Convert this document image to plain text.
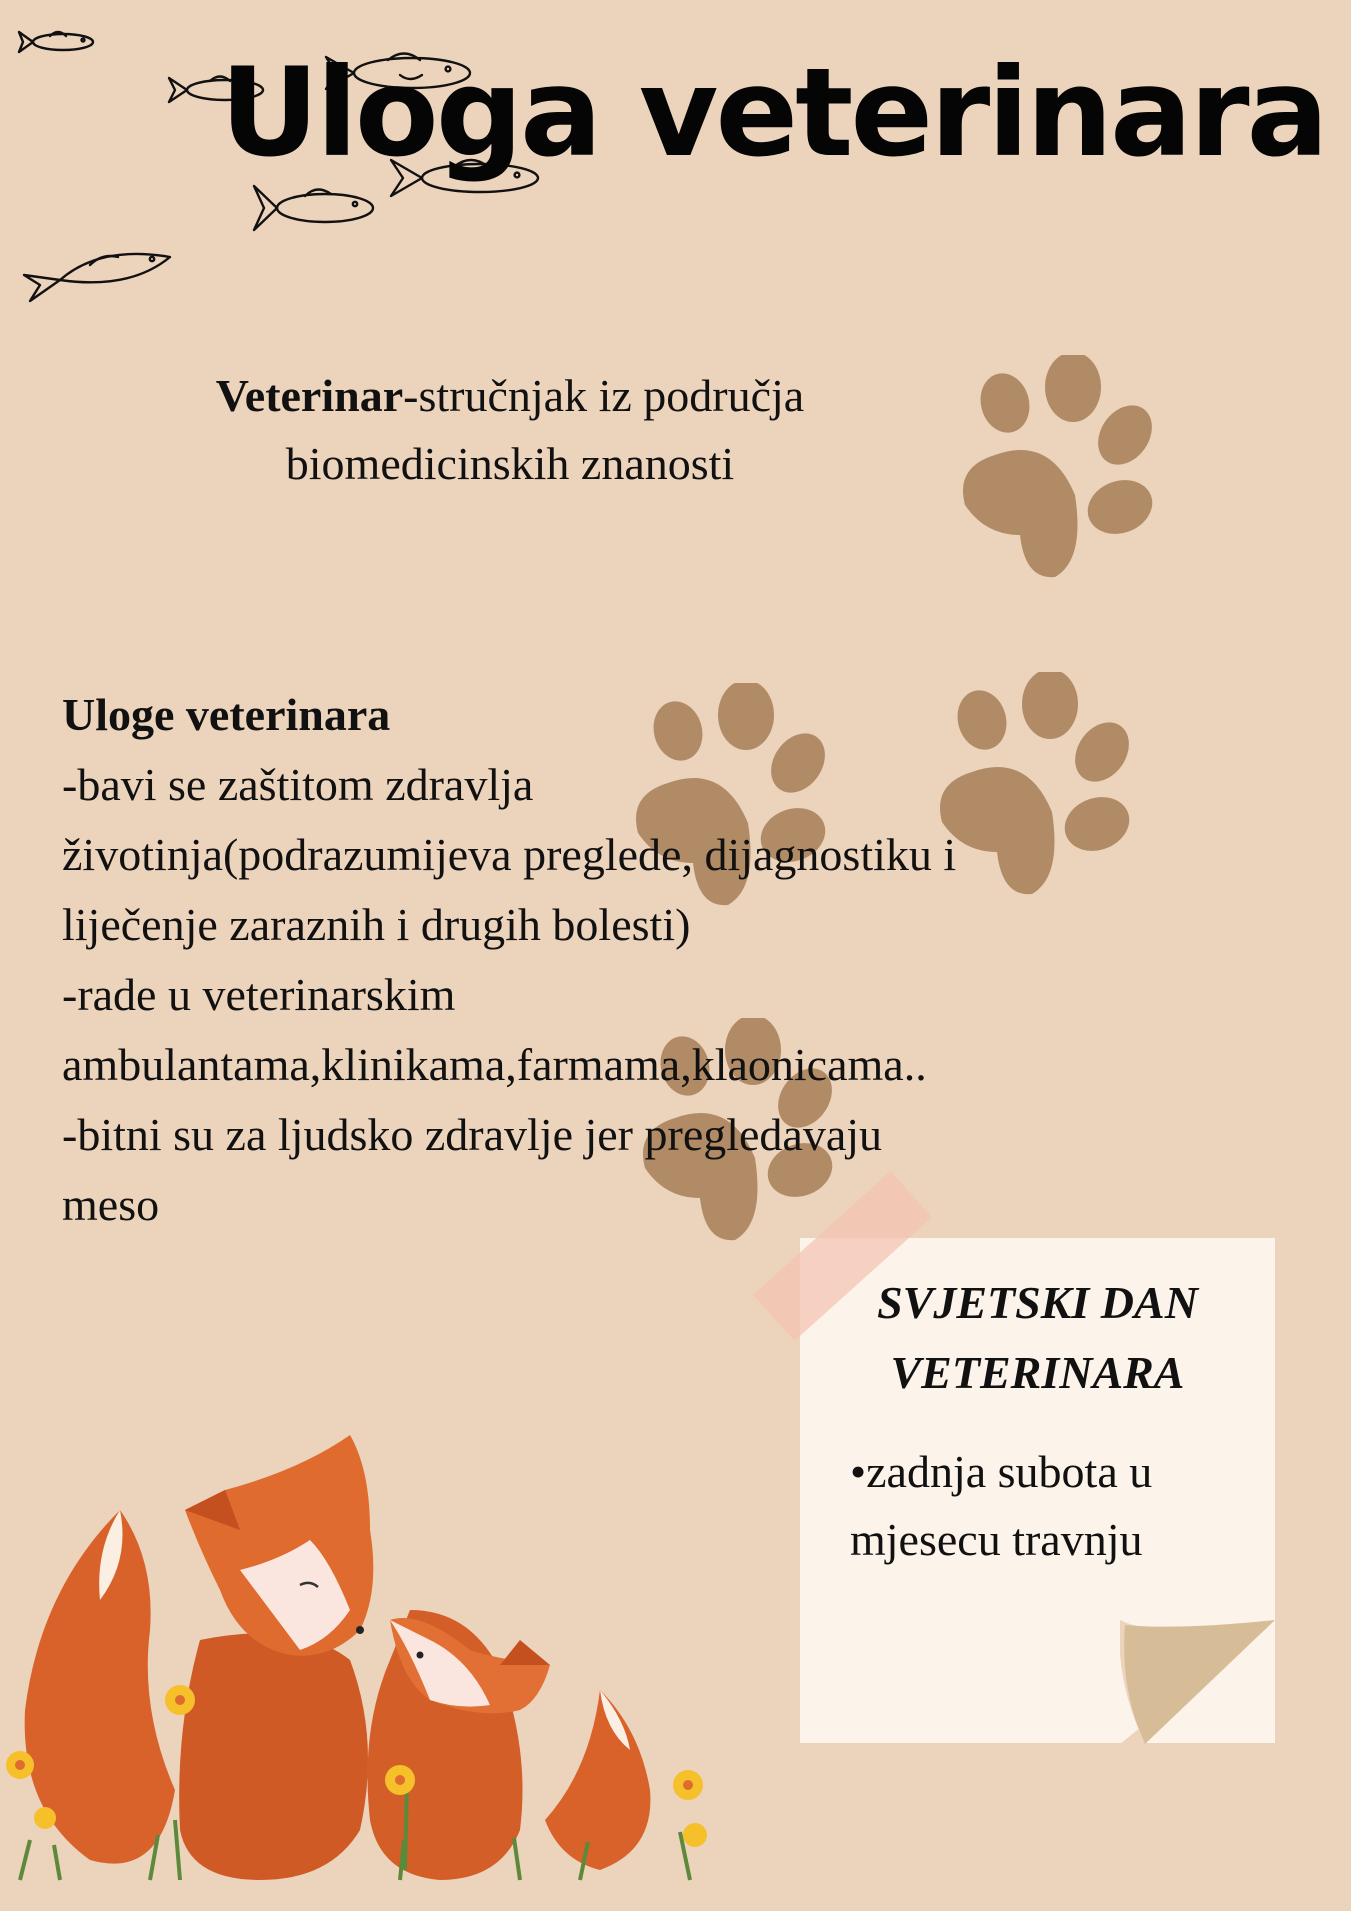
Uloga veterinara
Veterinar-stručnjak iz područja
biomedicinskih znanosti
Uloge veterinara
-bavi se zaštitom zdravlja
životinja(podrazumijeva preglede, dijagnostiku i
liječenje zaraznih i drugih bolesti)
-rade u veterinarskim
ambulantama,klinikama,farmama,klaonicama..
-bitni su za ljudsko zdravlje jer pregledavaju
meso
SVJETSKI DAN
VETERINARA
•zadnja subota u
mjesecu travnju
